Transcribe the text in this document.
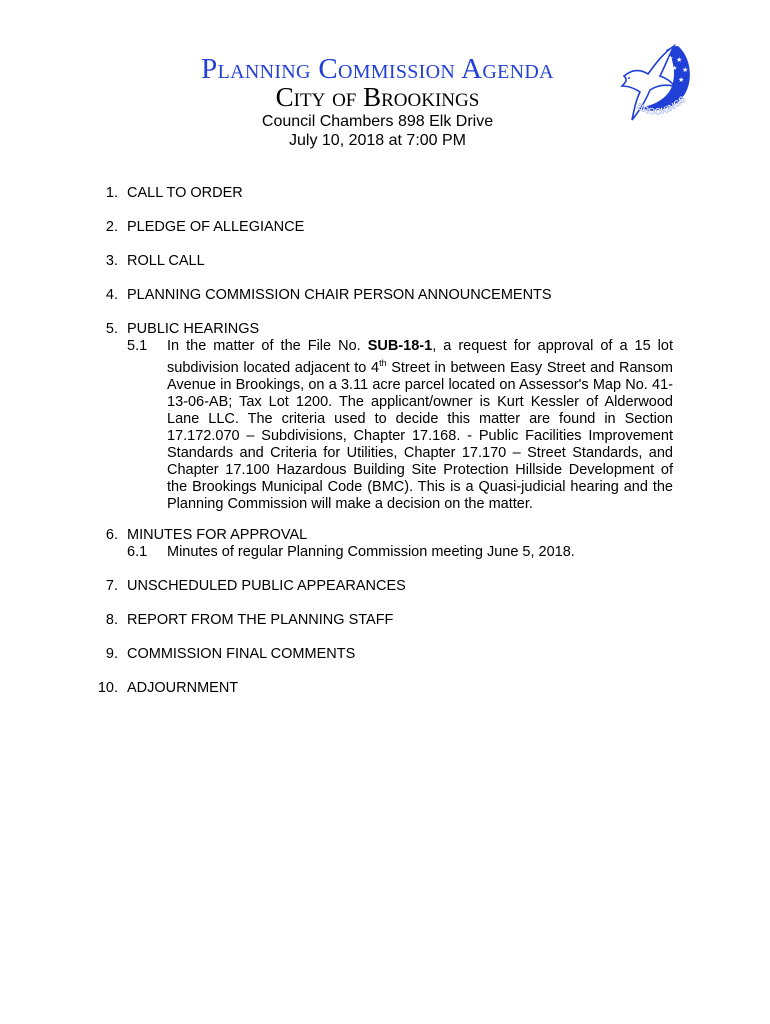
Planning Commission Agenda
City of Brookings
Council Chambers 898 Elk Drive
July 10, 2018 at 7:00 PM
★
★
★
★
★
BROOKINGS
1. CALL TO ORDER
2. PLEDGE OF ALLEGIANCE
3. ROLL CALL
4. PLANNING COMMISSION CHAIR PERSON ANNOUNCEMENTS
5. PUBLIC HEARINGS
5.1 In the matter of the File No. SUB-18-1, a request for approval of a 15 lot subdivision located adjacent to 4th Street in between Easy Street and Ransom Avenue in Brookings, on a 3.11 acre parcel located on Assessor's Map No. 41-13-06-AB; Tax Lot 1200. The applicant/owner is Kurt Kessler of Alderwood Lane LLC. The criteria used to decide this matter are found in Section 17.172.070 – Subdivisions, Chapter 17.168. - Public Facilities Improvement Standards and Criteria for Utilities, Chapter 17.170 – Street Standards, and Chapter 17.100 Hazardous Building Site Protection Hillside Development of the Brookings Municipal Code (BMC). This is a Quasi-judicial hearing and the Planning Commission will make a decision on the matter.
6. MINUTES FOR APPROVAL
6.1 Minutes of regular Planning Commission meeting June 5, 2018.
7. UNSCHEDULED PUBLIC APPEARANCES
8. REPORT FROM THE PLANNING STAFF
9. COMMISSION FINAL COMMENTS
10. ADJOURNMENT
